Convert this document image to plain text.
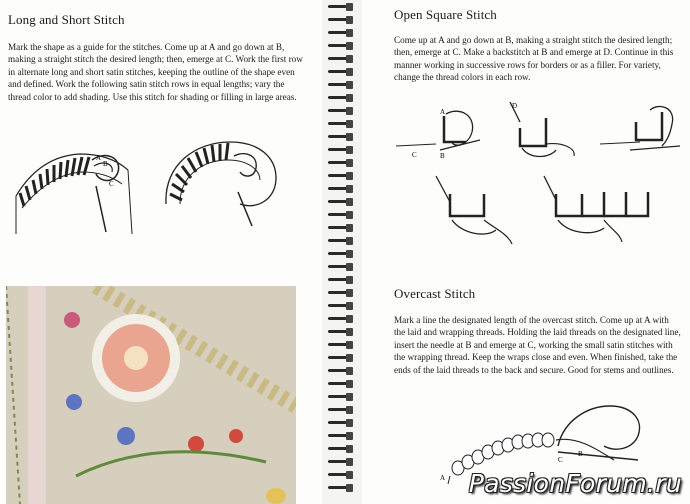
Long and Short Stitch

Mark the shape as a guide for the stitches. Come up at A and go down at B, making a straight stitch the desired length; then, emerge at C. Work the first row in alternate long and short satin stitches, keeping the outline of the shape even and defined. Work the following satin stitch rows in equal lengths; vary the thread color to add shading. Use this stitch for shading or filling in large areas.

A
B
C
Open Square Stitch

Come up at A and go down at B, making a straight stitch the desired length; then, emerge at C. Make a backstitch at B and emerge at D. Continue in this manner working in successive rows for borders or as a filler. For variety, change the thread colors in each row.

A
B
C
D
Overcast Stitch

Mark a line the designated length of the overcast stitch. Come up at A with the laid and wrapping threads. Holding the laid threads on the designated line, insert the needle at B and emerge at C, working the small satin stitches with the wrapping thread. Keep the wraps close and even. When finished, take the ends of the laid threads to the back and secure. Good for stems and outlines.

A
B
C
PassionForum.ru
